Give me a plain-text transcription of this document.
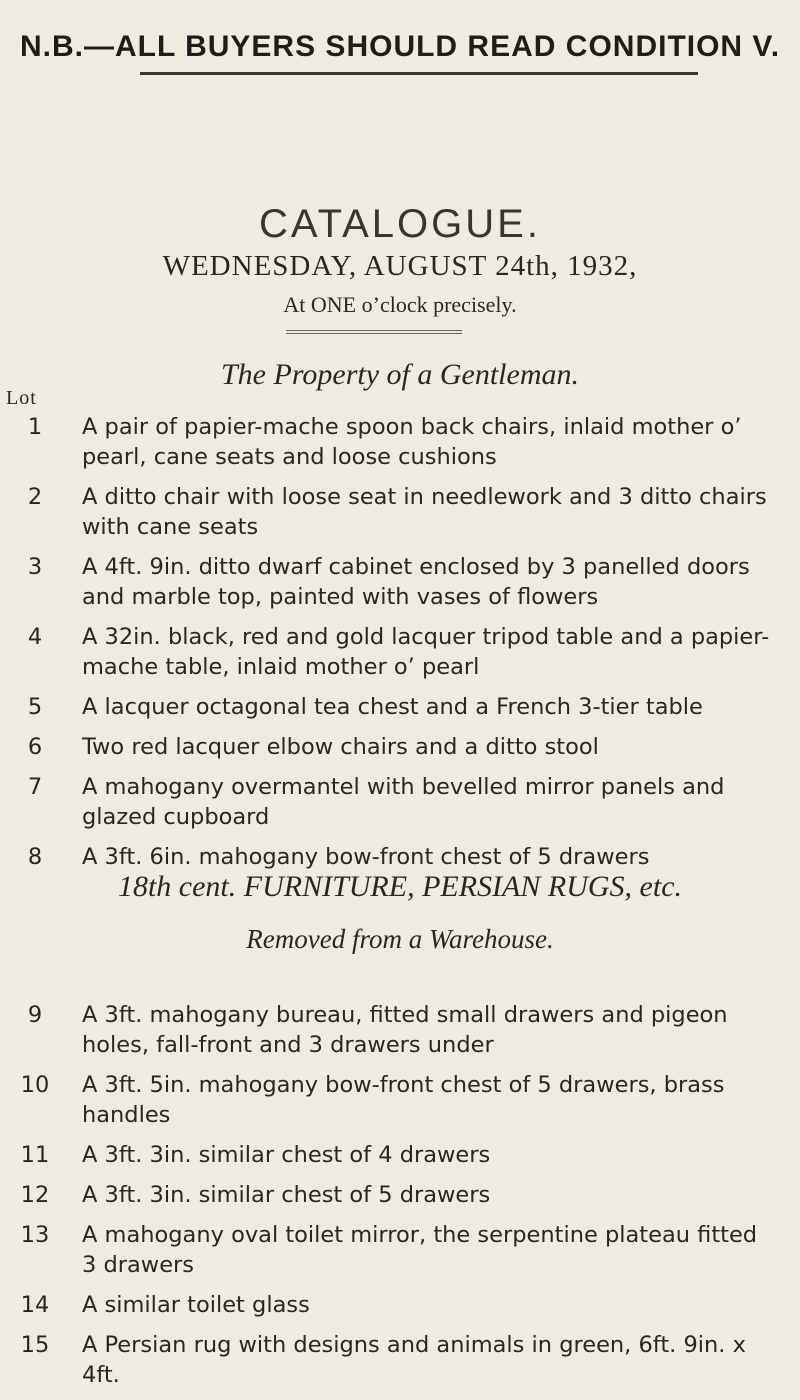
N.B.—ALL BUYERS SHOULD READ CONDITION V.
CATALOGUE.
WEDNESDAY, AUGUST 24th, 1932,
At ONE o’clock precisely.
The Property of a Gentleman.
Lot
1	A pair of papier-mache spoon back chairs, inlaid mother o’ pearl, cane seats and loose cushions
2	A ditto chair with loose seat in needlework and 3 ditto chairs with cane seats
3	A 4ft. 9in. ditto dwarf cabinet enclosed by 3 panelled doors and marble top, painted with vases of flowers
4	A 32in. black, red and gold lacquer tripod table and a papier-mache table, inlaid mother o’ pearl
5	A lacquer octagonal tea chest and a French 3-tier table
6	Two red lacquer elbow chairs and a ditto stool
7	A mahogany overmantel with bevelled mirror panels and glazed cupboard
8	A 3ft. 6in. mahogany bow-front chest of 5 drawers
18th cent. FURNITURE, PERSIAN RUGS, etc.
Removed from a Warehouse.
9	A 3ft. mahogany bureau, fitted small drawers and pigeon holes, fall-front and 3 drawers under
10	A 3ft. 5in. mahogany bow-front chest of 5 drawers, brass handles
11	A 3ft. 3in. similar chest of 4 drawers
12	A 3ft. 3in. similar chest of 5 drawers
13	A mahogany oval toilet mirror, the serpentine plateau fitted 3 drawers
14	A similar toilet glass
15	A Persian rug with designs and animals in green, 6ft. 9in. x 4ft.
